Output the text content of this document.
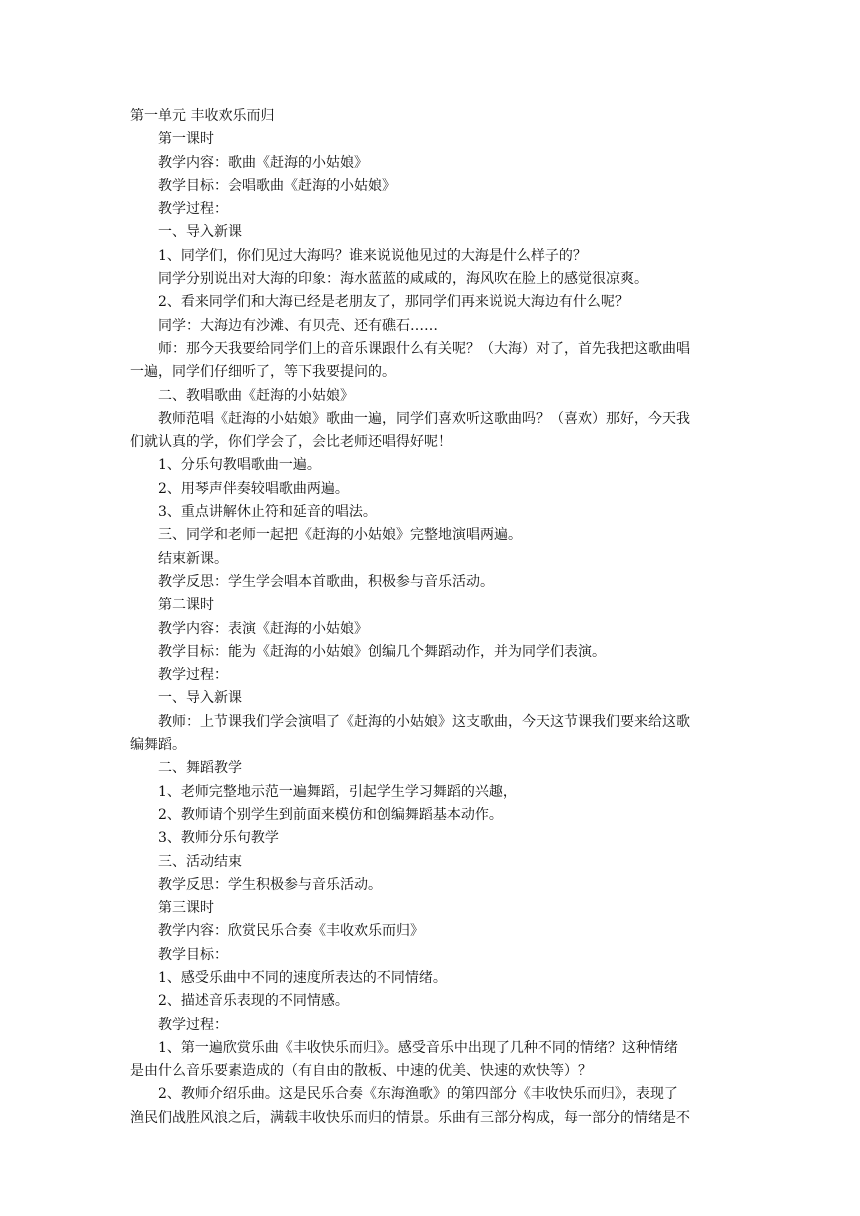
第一单元 丰收欢乐而归

第一课时

教学内容：歌曲《赶海的小姑娘》

教学目标：会唱歌曲《赶海的小姑娘》

教学过程：

一、导入新课

1、同学们，你们见过大海吗？谁来说说他见过的大海是什么样子的？

同学分别说出对大海的印象：海水蓝蓝的咸咸的，海风吹在脸上的感觉很凉爽。

2、看来同学们和大海已经是老朋友了，那同学们再来说说大海边有什么呢？

同学：大海边有沙滩、有贝壳、还有礁石……

师：那今天我要给同学们上的音乐课跟什么有关呢？（大海）对了，首先我把这歌曲唱

一遍，同学们仔细听了，等下我要提问的。

二、教唱歌曲《赶海的小姑娘》

教师范唱《赶海的小姑娘》歌曲一遍，同学们喜欢听这歌曲吗？（喜欢）那好，今天我

们就认真的学，你们学会了，会比老师还唱得好呢！

1、分乐句教唱歌曲一遍。

2、用琴声伴奏较唱歌曲两遍。

3、重点讲解休止符和延音的唱法。

三、同学和老师一起把《赶海的小姑娘》完整地演唱两遍。

结束新课。

教学反思：学生学会唱本首歌曲，积极参与音乐活动。

第二课时

教学内容：表演《赶海的小姑娘》

教学目标：能为《赶海的小姑娘》创编几个舞蹈动作，并为同学们表演。

教学过程：

一、导入新课

教师：上节课我们学会演唱了《赶海的小姑娘》这支歌曲，今天这节课我们要来给这歌

编舞蹈。

二、舞蹈教学

1、老师完整地示范一遍舞蹈，引起学生学习舞蹈的兴趣，

2、教师请个别学生到前面来模仿和创编舞蹈基本动作。

3、教师分乐句教学

三、活动结束

教学反思：学生积极参与音乐活动。

第三课时

教学内容：欣赏民乐合奏《丰收欢乐而归》

教学目标：

1、感受乐曲中不同的速度所表达的不同情绪。

2、描述音乐表现的不同情感。

教学过程：

1、第一遍欣赏乐曲《丰收快乐而归》。感受音乐中出现了几种不同的情绪？这种情绪

是由什么音乐要素造成的（有自由的散板、中速的优美、快速的欢快等）？

2、教师介绍乐曲。这是民乐合奏《东海渔歌》的第四部分《丰收快乐而归》，表现了

渔民们战胜风浪之后，满载丰收快乐而归的情景。乐曲有三部分构成，每一部分的情绪是不
